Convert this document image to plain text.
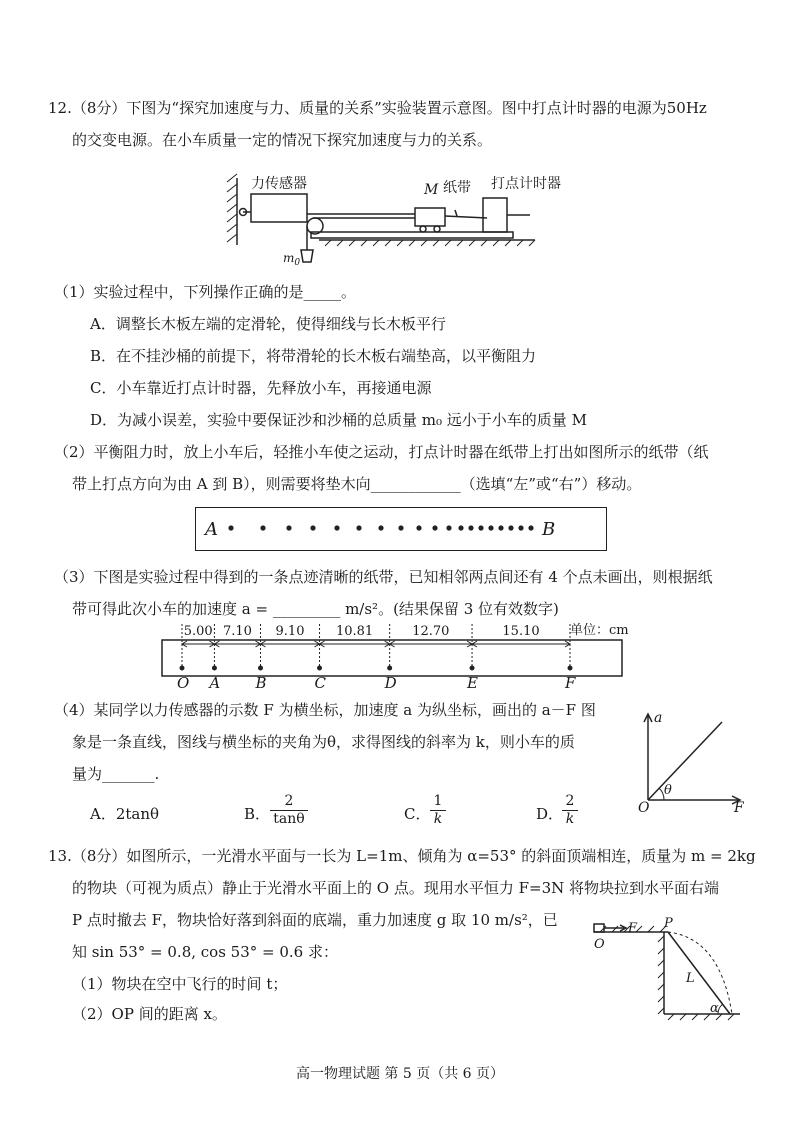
12.（8分）下图为“探究加速度与力、质量的关系”实验装置示意图。图中打点计时器的电源为50Hz
的交变电源。在小车质量一定的情况下探究加速度与力的关系。
力传感器	M 纸带 打点计时器
$m_0$
（1）实验过程中，下列操作正确的是_____。
A．调整长木板左端的定滑轮，使得细线与长木板平行
B．在不挂沙桶的前提下，将带滑轮的长木板右端垫高，以平衡阻力
C．小车靠近打点计时器，先释放小车，再接通电源
D．为减小误差，实验中要保证沙和沙桶的总质量 m₀ 远小于小车的质量 M
（2）平衡阻力时，放上小车后，轻推小车使之运动，打点计时器在纸带上打出如图所示的纸带（纸
带上打点方向为由 A 到 B），则需要将垫木向____________（选填“左”或“右”）移动。
A	B
（3）下图是实验过程中得到的一条点迹清晰的纸带，已知相邻两点间还有 4 个点未画出，则根据纸
带可得此次小车的加速度 a = _________ m/s²。(结果保留 3 位有效数字)
O A B	C	D	E	F
5.00 7.10 9.10 10.81	12.70	15.10 单位：cm
（4）某同学以力传感器的示数 F 为横坐标，加速度 a 为纵坐标，画出的 a－F 图
象是一条直线，图线与横坐标的夹角为θ，求得图线的斜率为 k，则小车的质
量为_______.
a
F
O
θ
A．2tanθ	B． $\frac{2}{\tan\theta}$	C． $\frac{1}{k}$	D．
$\frac{2}{k}$
13.（8分）如图所示，一光滑水平面与一长为 L=1m、倾角为 α=53° 的斜面顶端相连，质量为 m = 2kg
的物块（可视为质点）静止于光滑水平面上的 O 点。现用水平恒力 F=3N 将物块拉到水平面右端
P 点时撤去 F，物块恰好落到斜面的底端，重力加速度 g 取 10 m/s²，已
知 sin 53° = 0.8, cos 53° = 0.6 求：
（1）物块在空中飞行的时间 t；
（2）OP 间的距离 x。
O
F P
L
α
高一物理试题 第 5 页（共 6 页）
